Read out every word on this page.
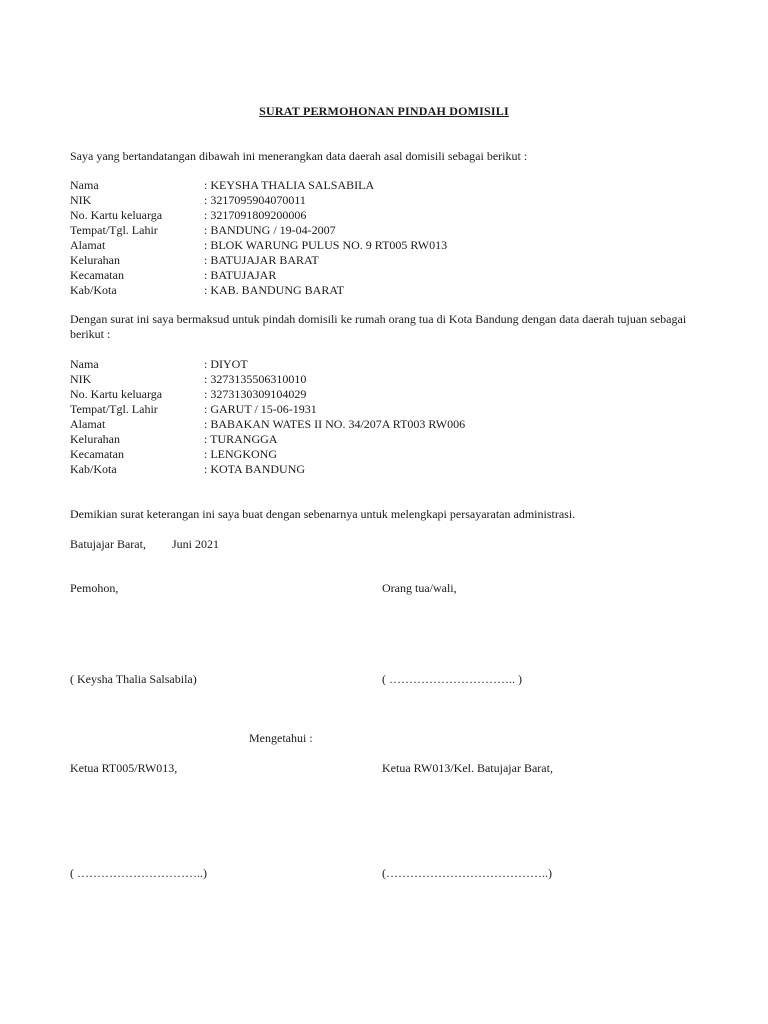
SURAT PERMOHONAN PINDAH DOMISILI
Saya yang bertandatangan dibawah ini menerangkan data daerah asal domisili sebagai berikut :
Nama	: KEYSHA THALIA SALSABILA
NIK	: 3217095904070011
No. Kartu keluarga	: 3217091809200006
Tempat/Tgl. Lahir	: BANDUNG / 19-04-2007
Alamat	: BLOK WARUNG PULUS NO. 9 RT005 RW013
Kelurahan	: BATUJAJAR BARAT
Kecamatan	: BATUJAJAR
Kab/Kota	: KAB. BANDUNG BARAT
Dengan surat ini saya bermaksud untuk pindah domisili ke rumah orang tua di Kota Bandung dengan data daerah tujuan sebagai berikut :
Nama	: DIYOT
NIK	: 3273135506310010
No. Kartu keluarga	: 3273130309104029
Tempat/Tgl. Lahir	: GARUT / 15-06-1931
Alamat	: BABAKAN WATES II NO. 34/207A RT003 RW006
Kelurahan	: TURANGGA
Kecamatan	: LENGKONG
Kab/Kota	: KOTA BANDUNG
Demikian surat keterangan ini saya buat dengan sebenarnya untuk melengkapi persayaratan administrasi.
Batujajar Barat, Juni 2021
Pemohon,	Orang tua/wali,
( Keysha Thalia Salsabila)	( ………………………….. )
Mengetahui :
Ketua RT005/RW013,	Ketua RW013/Kel. Batujajar Barat,
( …………………………..)	(…………………………………..)
